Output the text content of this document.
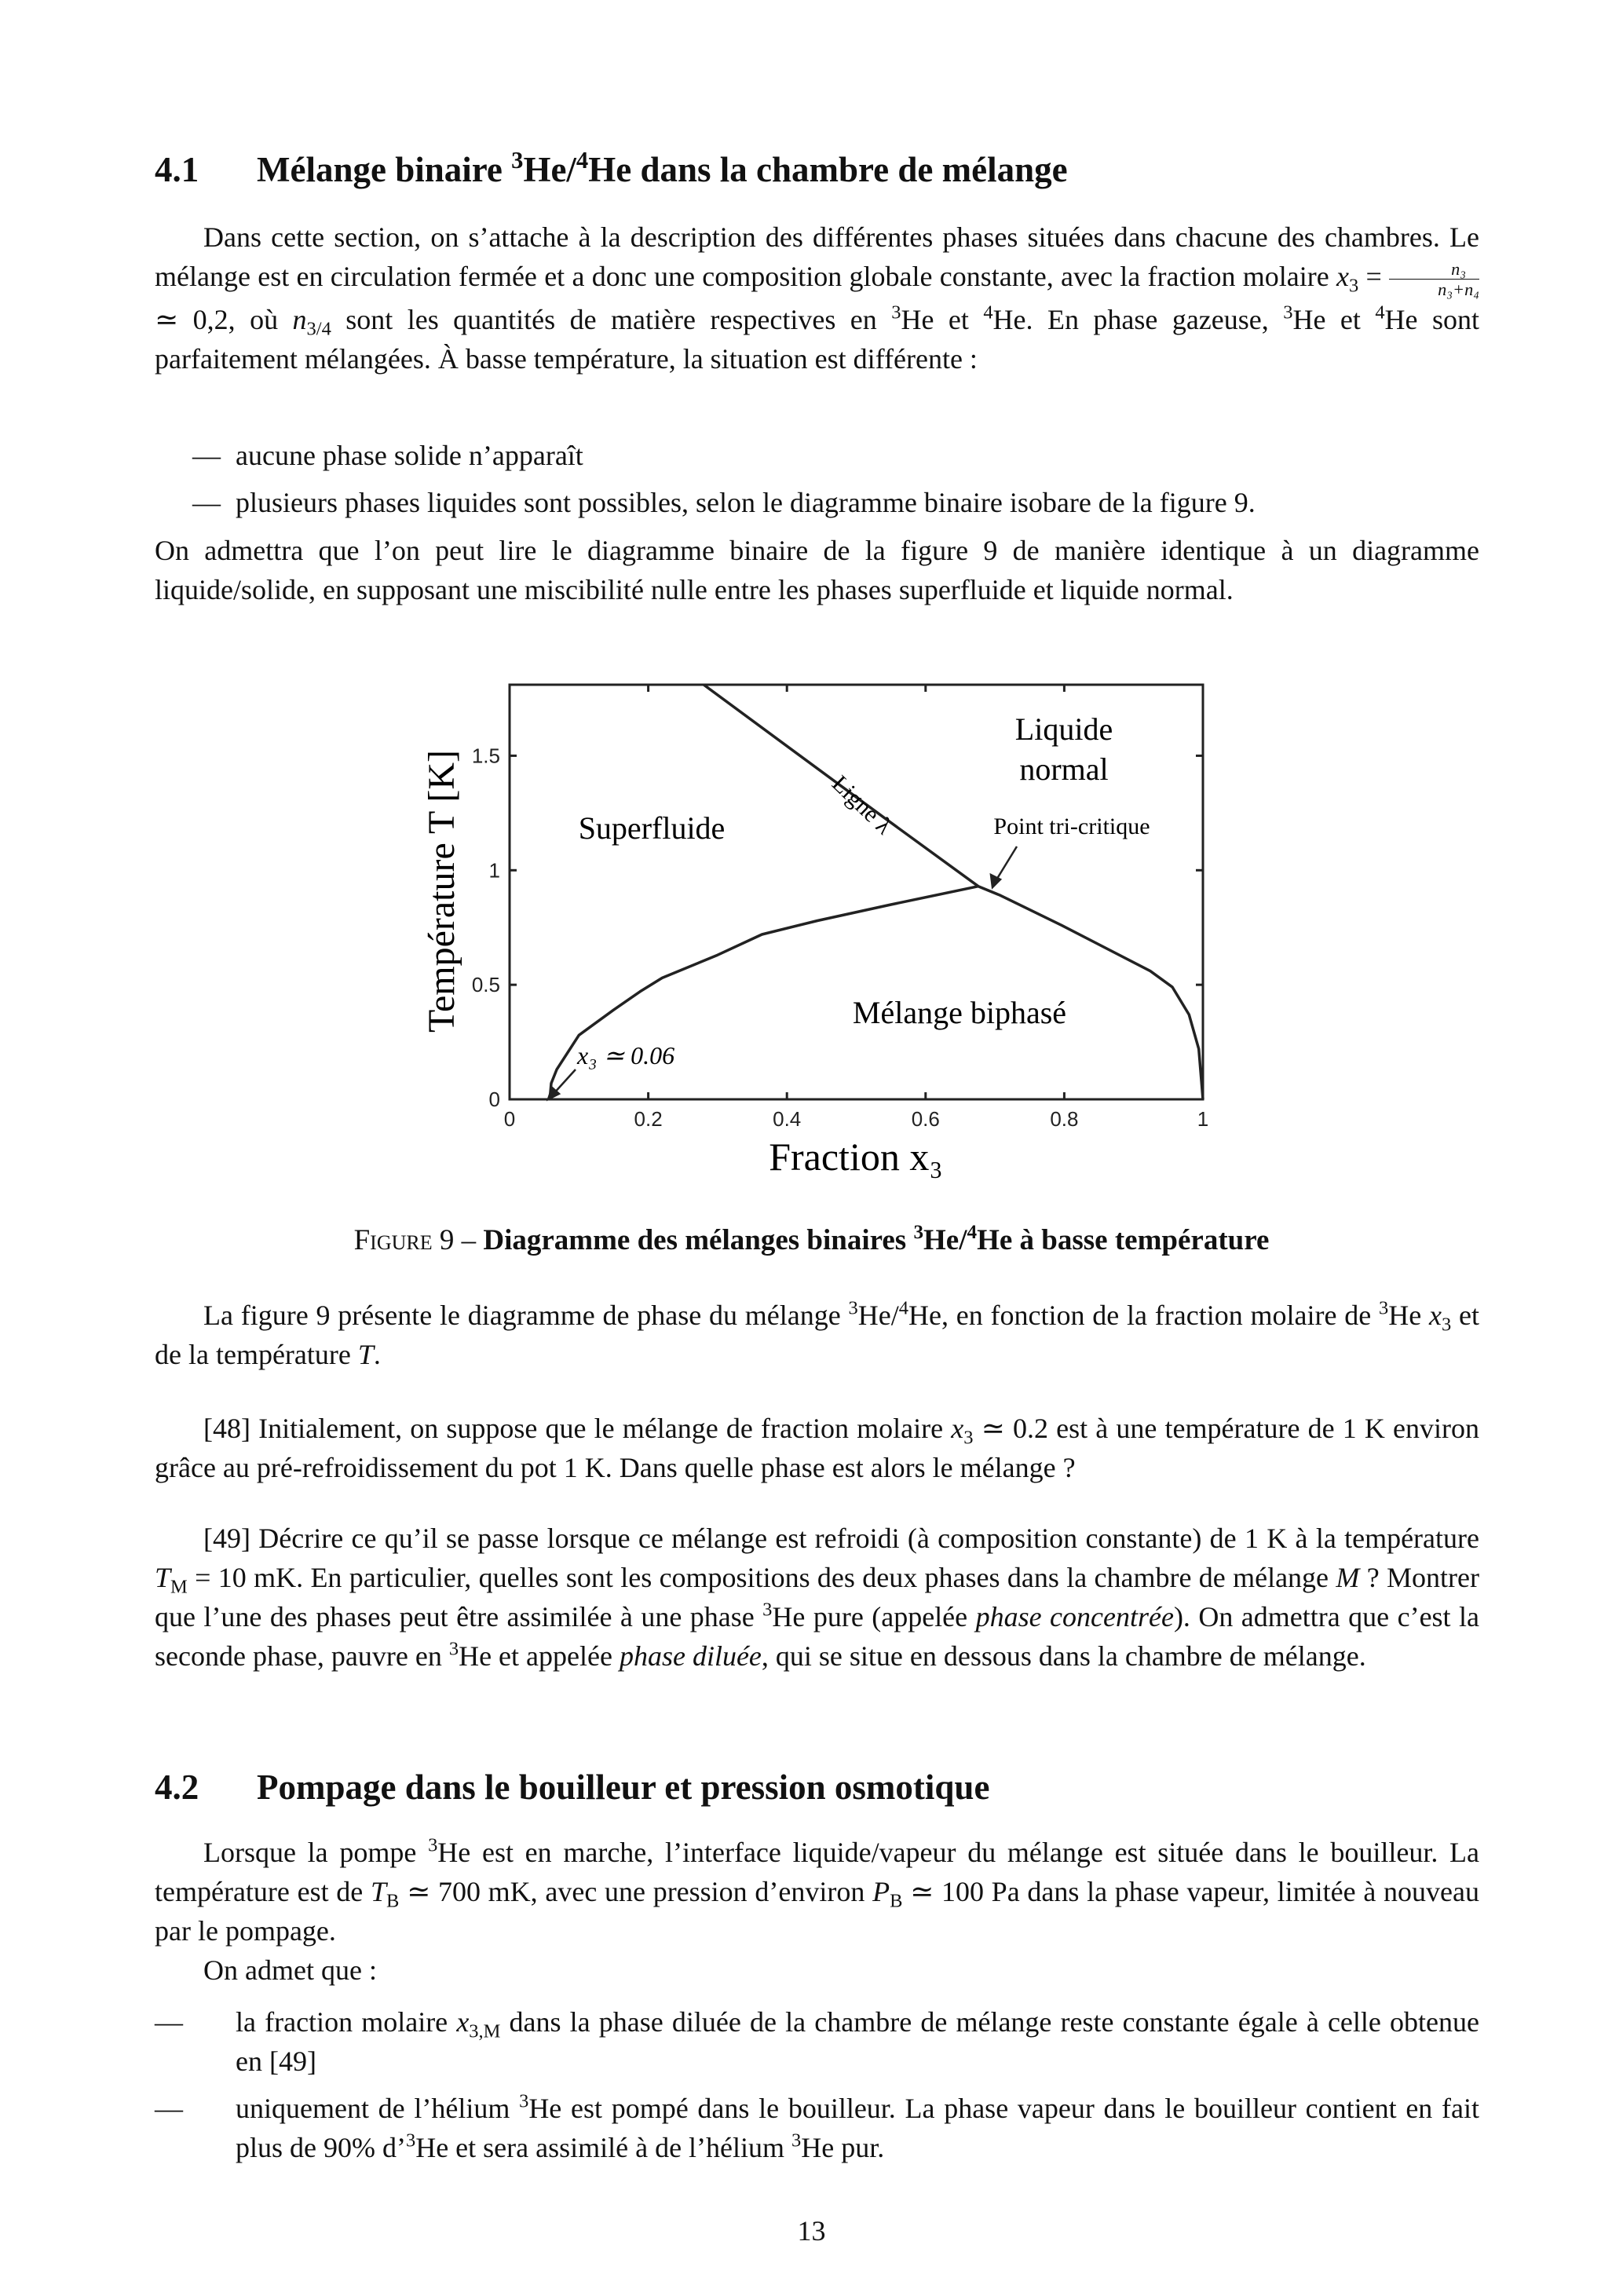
4.1 Mélange binaire $^3$He/$^4$He dans la chambre de mélange
Dans cette section, on s’attache à la description des différentes phases situées dans chacune des chambres. Le mélange est en circulation fermée et a donc une composition globale constante, avec la fraction molaire $x_3 = \frac{\text{n₃}}{\text{n₃+n₄}}$
≃ 0,2, où $n_{3/4}$ sont les quantités de matière respectives en $^3$He et $^4$He. En phase gazeuse, $^3$He et $^4$He sont parfaitement mélangées. À basse température, la situation est différente :
— aucune phase solide n’apparaît
— plusieurs phases liquides sont possibles, selon le diagramme binaire isobare de la figure 9.
On admettra que l’on peut lire le diagramme binaire de la figure 9 de manière identique à un diagramme liquide/solide, en supposant une miscibilité nulle entre les phases superfluide et liquide normal.
0	0.2	0.4	0.6	0.8	1
0
0.5
1
1.5
Liquide
normal
Superfluide	Point tri-critique
Mélange biphasé
x₃ ≃ 0.06
Ligne λ
Température T [K]
Fraction x₃
Figure 9 – Diagramme des mélanges binaires $^3$He/$^4$He à basse température
La figure 9 présente le diagramme de phase du mélange $^3$He/$^4$He, en fonction de la fraction molaire de $^3$He $x_3$ et de la température T.
[48] Initialement, on suppose que le mélange de fraction molaire $x_3$ ≃ 0.2 est à une température de 1 K environ grâce au pré-refroidissement du pot 1 K. Dans quelle phase est alors le mélange ?
[49] Décrire ce qu’il se passe lorsque ce mélange est refroidi (à composition constante) de 1 K à la température $T_M = 10$ mK. En particulier, quelles sont les compositions des deux phases dans la chambre de mélange M ? Montrer que l’une des phases peut être assimilée à une phase $^3$He pure (appelée phase concentrée). On admettra que c’est la seconde phase, pauvre en $^3$He et appelée phase diluée, qui se situe en dessous dans la chambre de mélange.
4.2 Pompage dans le bouilleur et pression osmotique
Lorsque la pompe $^3$He est en marche, l’interface liquide/vapeur du mélange est située dans le bouilleur. La température est de $T_B$ ≃ 700 mK, avec une pression d’environ $P_B$ ≃ 100 Pa dans la phase vapeur, limitée à nouveau par le pompage.
On admet que :
— la fraction molaire $x_{3,M}$ dans la phase diluée de la chambre de mélange reste constante égale à celle obtenue en [49]
— uniquement de l’hélium $^3$He est pompé dans le bouilleur. La phase vapeur dans le bouilleur contient en fait plus de 90% d’$^3$He et sera assimilé à de l’hélium $^3$He pur.
13
